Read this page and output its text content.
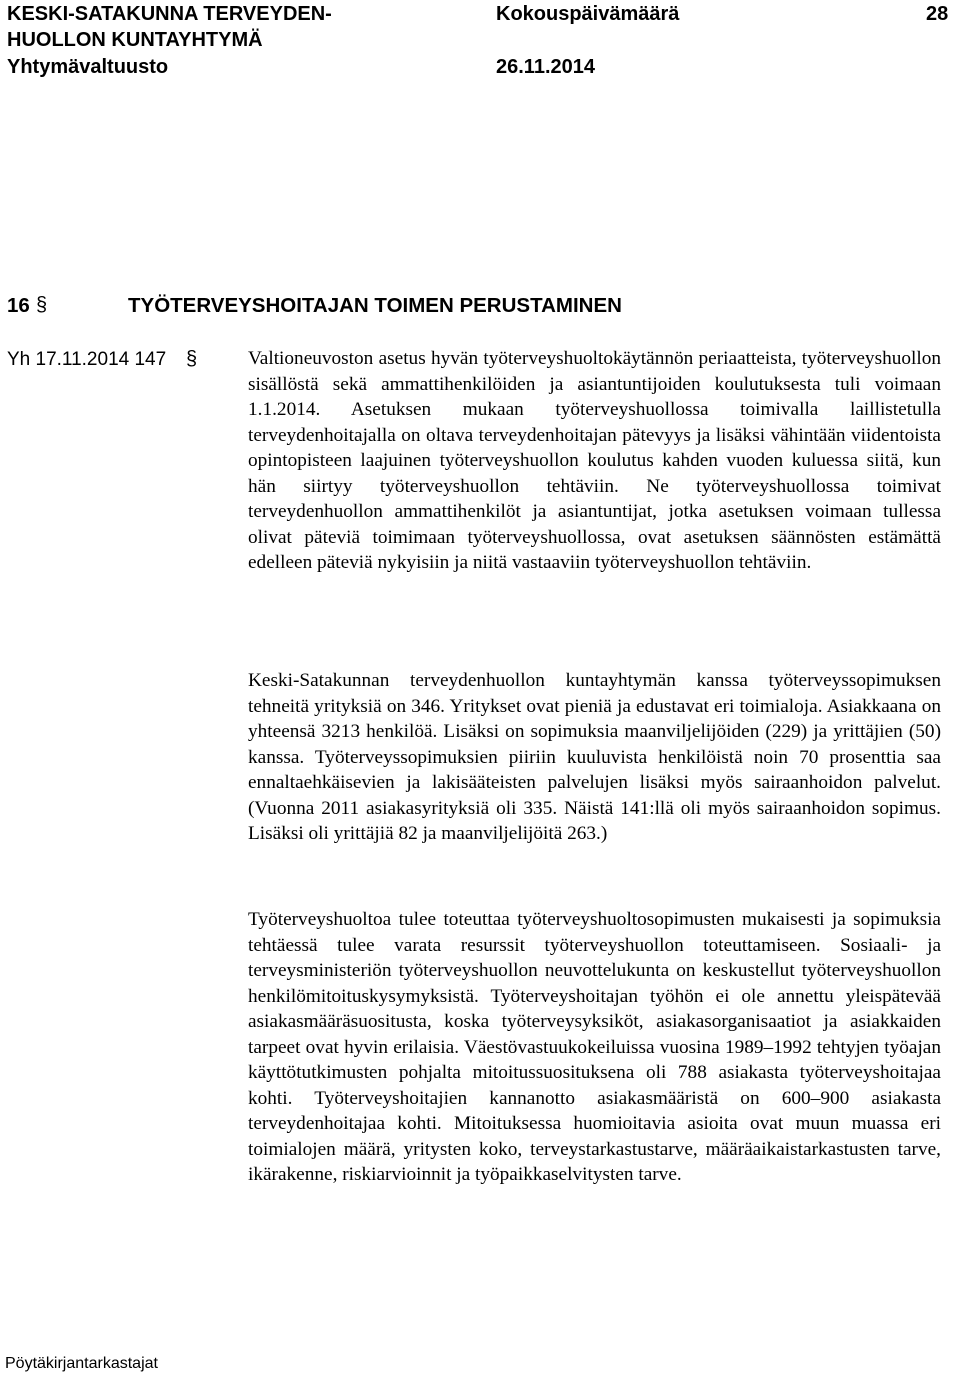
KESKI-SATAKUNNA TERVEYDEN-
HUOLLON KUNTAYHTYMÄ
Yhtymävaltuusto
Kokouspäivämäärä
26.11.2014
28
16 §	TYÖTERVEYSHOITAJAN TOIMEN PERUSTAMINEN
Yh 17.11.2014 147 §	Valtioneuvoston asetus hyvän työterveyshuoltokäytännön periaatteista, työterveyshuollon sisällöstä sekä ammattihenkilöiden ja asiantuntijoiden koulutuksesta tuli voimaan 1.1.2014. Asetuksen mukaan työterveyshuollossa toimivalla laillistetulla terveydenhoitajalla on oltava terveydenhoitajan pätevyys ja lisäksi vähintään viidentoista opintopisteen laajuinen työterveyshuollon koulutus kahden vuoden kuluessa siitä, kun hän siirtyy työterveyshuollon tehtäviin. Ne työterveyshuollossa toimivat terveydenhuollon ammattihenkilöt ja asiantuntijat, jotka asetuksen voimaan tullessa olivat päteviä toimimaan työterveyshuollossa, ovat asetuksen säännösten estämättä edelleen päteviä nykyisiin ja niitä vastaaviin työterveyshuollon tehtäviin.

Keski-Satakunnan terveydenhuollon kuntayhtymän kanssa työterveyssopimuksen tehneitä yrityksiä on 346. Yritykset ovat pieniä ja edustavat eri toimialoja. Asiakkaana on yhteensä 3213 henkilöä. Lisäksi on sopimuksia maanviljelijöiden (229) ja yrittäjien (50) kanssa. Työterveyssopimuksien piiriin kuuluvista henkilöistä noin 70 prosenttia saa ennaltaehkäisevien ja lakisääteisten palvelujen lisäksi myös sairaanhoidon palvelut. (Vuonna 2011 asiakasyrityksiä oli 335. Näistä 141:llä oli myös sairaanhoidon sopimus. Lisäksi oli yrittäjiä 82 ja maanviljelijöitä 263.)

Työterveyshuoltoa tulee toteuttaa työterveyshuoltosopimusten mukaisesti ja sopimuksia tehtäessä tulee varata resurssit työterveyshuollon toteuttamiseen. Sosiaali- ja terveysministeriön työterveyshuollon neuvottelukunta on keskustellut työterveyshuollon henkilömitoituskysymyksistä. Työterveyshoitajan työhön ei ole annettu yleispätevää asiakasmääräsuositusta, koska työterveysyksiköt, asiakasorganisaatiot ja asiakkaiden tarpeet ovat hyvin erilaisia. Väestövastuukokeiluissa vuosina 1989–1992 tehtyjen työajan käyttötutkimusten pohjalta mitoitussuosituksena oli 788 asiakasta työterveyshoitajaa kohti. Työterveyshoitajien kannanotto asiakasmääristä on 600–900 asiakasta terveydenhoitajaa kohti. Mitoituksessa huomioitavia asioita ovat muun muassa eri toimialojen määrä, yritysten koko, terveystarkastustarve, määräaikaistarkastusten tarve, ikärakenne, riskiarvioinnit ja työpaikkaselvitysten tarve.

Pöytäkirjantarkastajat
